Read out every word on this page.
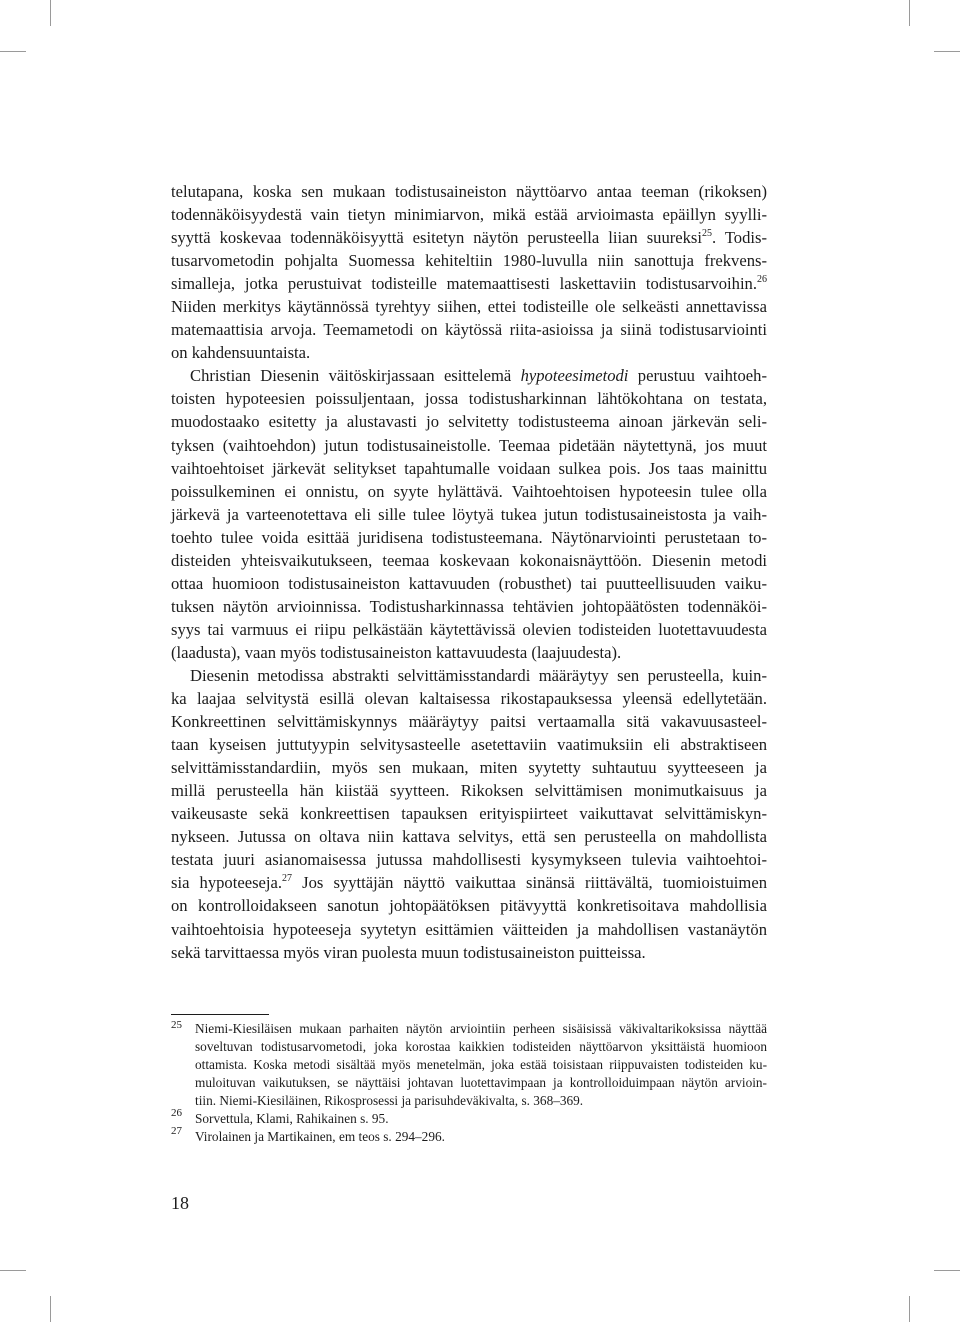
telutapana, koska sen mukaan todistusaineiston näyttöarvo antaa teeman (rikoksen)
todennäköisyydestä vain tietyn minimiarvon, mikä estää arvioimasta epäillyn syylli-
syyttä koskevaa todennäköisyyttä esitetyn näytön perusteella liian suureksi$^{25}$. Todis-
tusarvometodin pohjalta Suomessa kehiteltiin 1980-luvulla niin sanottuja frekvens-
simalleja, jotka perustuivat todisteille matemaattisesti laskettaviin todistusarvoihin.$^{26}$
Niiden merkitys käytännössä tyrehtyy siihen, ettei todisteille ole selkeästi annettavissa
matemaattisia arvoja. Teemametodi on käytössä riita-asioissa ja siinä todistusarviointi
on kahdensuuntaista.
Christian Diesenin väitöskirjassaan esittelemä hypoteesimetodi perustuu vaihtoeh-
toisten hypoteesien poissuljentaan, jossa todistusharkinnan lähtökohtana on testata,
muodostaako esitetty ja alustavasti jo selvitetty todistusteema ainoan järkevän seli-
tyksen (vaihtoehdon) jutun todistusaineistolle. Teemaa pidetään näytettynä, jos muut
vaihtoehtoiset järkevät selitykset tapahtumalle voidaan sulkea pois. Jos taas mainittu
poissulkeminen ei onnistu, on syyte hylättävä. Vaihtoehtoisen hypoteesin tulee olla
järkevä ja varteenotettava eli sille tulee löytyä tukea jutun todistusaineistosta ja vaih-
toehto tulee voida esittää juridisena todistusteemana. Näytönarviointi perustetaan to-
disteiden yhteisvaikutukseen, teemaa koskevaan kokonaisnäyttöön. Diesenin metodi
ottaa huomioon todistusaineiston kattavuuden (robusthet) tai puutteellisuuden vaiku-
tuksen näytön arvioinnissa. Todistusharkinnassa tehtävien johtopäätösten todennäköi-
syys tai varmuus ei riipu pelkästään käytettävissä olevien todisteiden luotettavuudesta
(laadusta), vaan myös todistusaineiston kattavuudesta (laajuudesta).
Diesenin metodissa abstrakti selvittämisstandardi määräytyy sen perusteella, kuin-
ka laajaa selvitystä esillä olevan kaltaisessa rikostapauksessa yleensä edellytetään.
Konkreettinen selvittämiskynnys määräytyy paitsi vertaamalla sitä vakavuusasteel-
taan kyseisen juttutyypin selvitysasteelle asetettaviin vaatimuksiin eli abstraktiseen
selvittämisstandardiin, myös sen mukaan, miten syytetty suhtautuu syytteeseen ja
millä perusteella hän kiistää syytteen. Rikoksen selvittämisen monimutkaisuus ja
vaikeusaste sekä konkreettisen tapauksen erityispiirteet vaikuttavat selvittämiskyn-
nykseen. Jutussa on oltava niin kattava selvitys, että sen perusteella on mahdollista
testata juuri asianomaisessa jutussa mahdollisesti kysymykseen tulevia vaihtoehtoi-
sia hypoteeseja.$^{27}$ Jos syyttäjän näyttö vaikuttaa sinänsä riittävältä, tuomioistuimen
on kontrolloidakseen sanotun johtopäätöksen pitävyyttä konkretisoitava mahdollisia
vaihtoehtoisia hypoteeseja syytetyn esittämien väitteiden ja mahdollisen vastanäytön
sekä tarvittaessa myös viran puolesta muun todistusaineiston puitteissa.
25 Niemi-Kiesiläisen mukaan parhaiten näytön arviointiin perheen sisäisissä väkivaltarikoksissa näyttää
soveltuvan todistusarvometodi, joka korostaa kaikkien todisteiden näyttöarvon yksittäistä huomioon
ottamista. Koska metodi sisältää myös menetelmän, joka estää toisistaan riippuvaisten todisteiden ku-
muloituvan vaikutuksen, se näyttäisi johtavan luotettavimpaan ja kontrolloiduimpaan näytön arvioin-
tiin. Niemi-Kiesiläinen, Rikosprosessi ja parisuhdeväkivalta, s. 368–369.
26 Sorvettula, Klami, Rahikainen s. 95.
27 Virolainen ja Martikainen, em teos s. 294–296.
18
